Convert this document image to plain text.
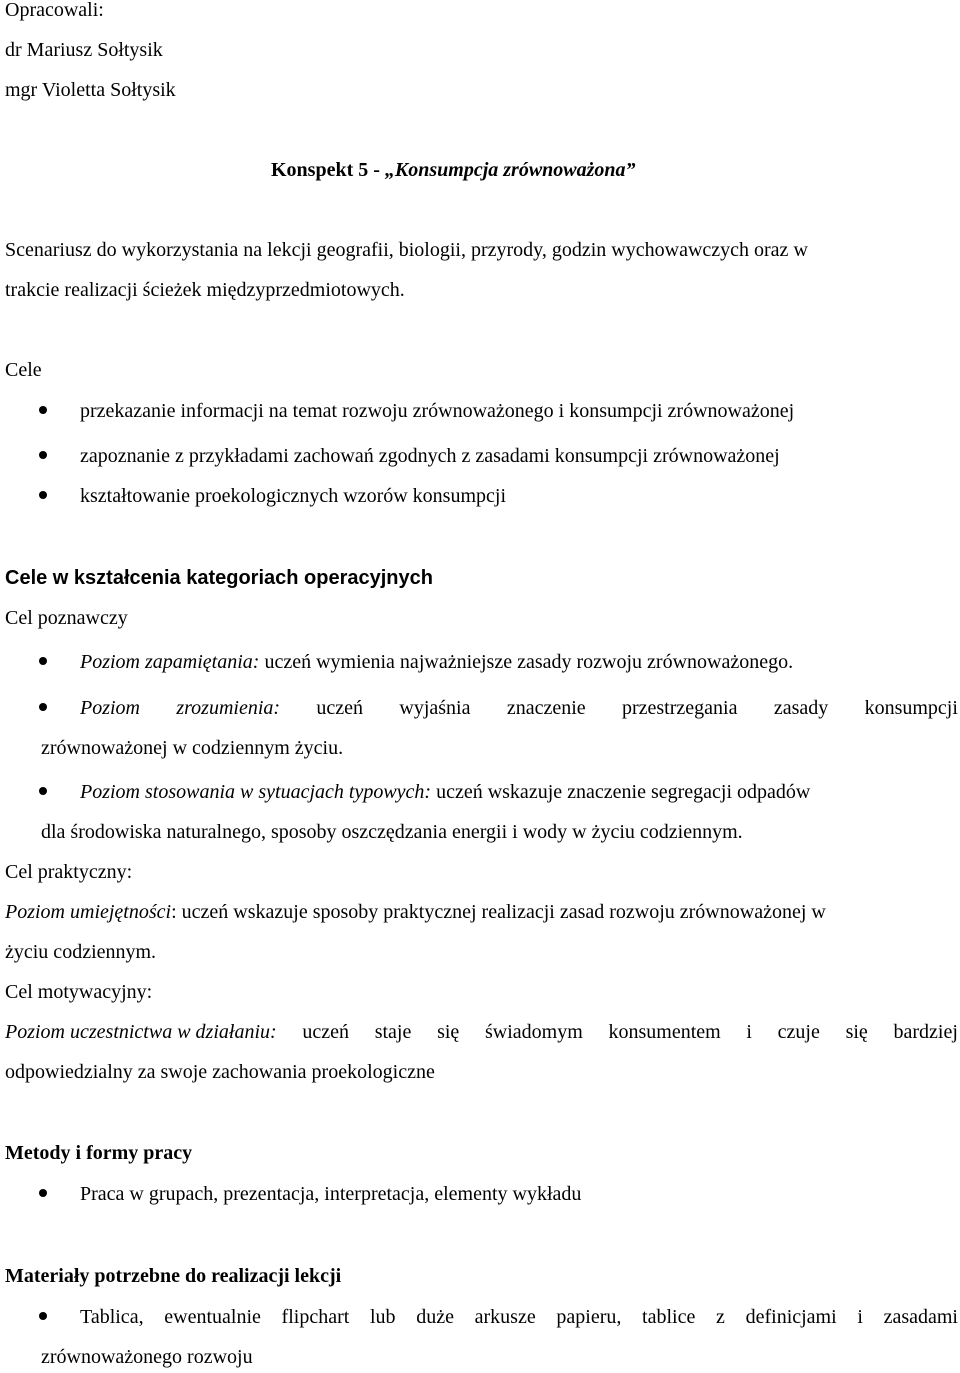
Opracowali:
dr Mariusz Sołtysik
mgr Violetta Sołtysik
Konspekt 5 - „Konsumpcja zrównoważona”
Scenariusz do wykorzystania na lekcji geografii, biologii, przyrody, godzin wychowawczych oraz w
trakcie realizacji ścieżek międzyprzedmiotowych.
Cele
przekazanie informacji na temat rozwoju zrównoważonego i konsumpcji zrównoważonej
zapoznanie z przykładami zachowań zgodnych z zasadami konsumpcji zrównoważonej
kształtowanie proekologicznych wzorów konsumpcji
Cele w kształcenia kategoriach operacyjnych
Cel poznawczy
Poziom zapamiętania: uczeń wymienia najważniejsze zasady rozwoju zrównoważonego.
Poziom zrozumienia: uczeń wyjaśnia znaczenie przestrzegania zasady konsumpcji
zrównoważonej w codziennym życiu.
Poziom stosowania w sytuacjach typowych: uczeń wskazuje znaczenie segregacji odpadów
dla środowiska naturalnego, sposoby oszczędzania energii i wody w życiu codziennym.
Cel praktyczny:
Poziom umiejętności: uczeń wskazuje sposoby praktycznej realizacji zasad rozwoju zrównoważonej w
życiu codziennym.
Cel motywacyjny:
Poziom uczestnictwa w działaniu: uczeń staje się świadomym konsumentem i czuje się bardziej
odpowiedzialny za swoje zachowania proekologiczne
Metody i formy pracy
Praca w grupach, prezentacja, interpretacja, elementy wykładu
Materiały potrzebne do realizacji lekcji
Tablica, ewentualnie flipchart lub duże arkusze papieru, tablice z definicjami i zasadami
zrównoważonego rozwoju
